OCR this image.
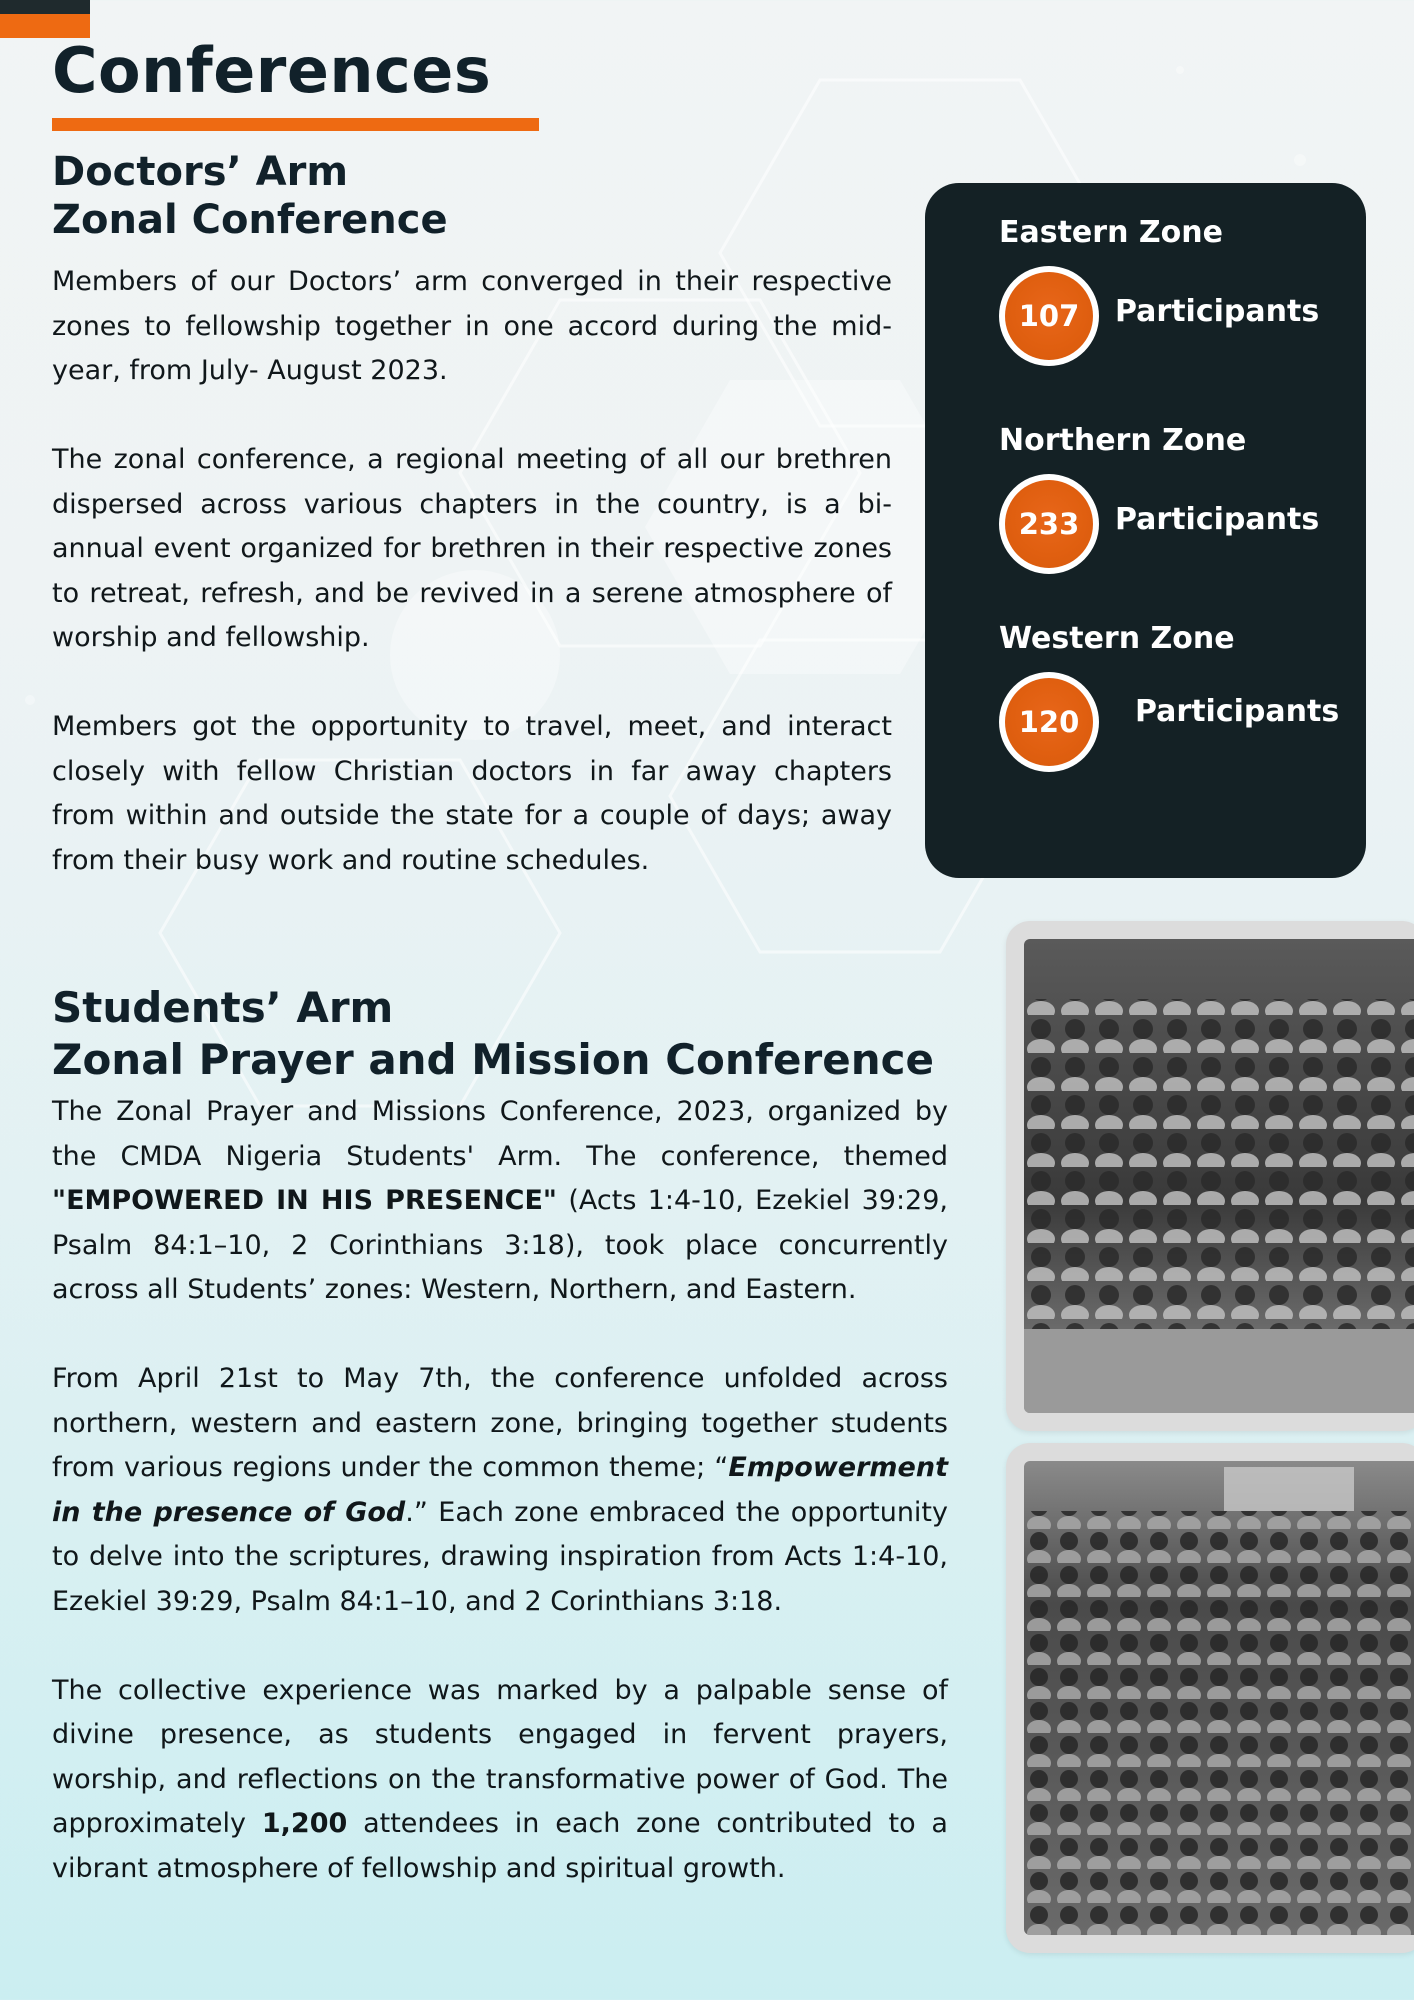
Conferences
Doctors’ Arm
Zonal Conference

Members of our Doctors’ arm converged in their respective zones to fellowship together in one accord during the mid-year, from July- August 2023.

The zonal conference, a regional meeting of all our brethren dispersed across various chapters in the country, is a bi-annual event organized for brethren in their respective zones to retreat, refresh, and be revived in a serene atmosphere of worship and fellowship.

Members got the opportunity to travel, meet, and interact closely with fellow Christian doctors in far away chapters from within and outside the state for a couple of days; away from their busy work and routine schedules.

Eastern Zone
107	Participants
Northern Zone
233	Participants
Western Zone
120	Participants
Students’ Arm
Zonal Prayer and Mission Conference

The Zonal Prayer and Missions Conference, 2023, organized by the CMDA Nigeria Students' Arm. The conference, themed "EMPOWERED IN HIS PRESENCE" (Acts 1:4-10, Ezekiel 39:29, Psalm 84:1–10, 2 Corinthians 3:18), took place concurrently across all Students’ zones: Western, Northern, and Eastern.

From April 21st to May 7th, the conference unfolded across northern, western and eastern zone, bringing together students from various regions under the common theme; “Empowerment in the presence of God.” Each zone embraced the opportunity to delve into the scriptures, drawing inspiration from Acts 1:4-10, Ezekiel 39:29, Psalm 84:1–10, and 2 Corinthians 3:18.

The collective experience was marked by a palpable sense of divine presence, as students engaged in fervent prayers, worship, and reflections on the transformative power of God. The approximately 1,200 attendees in each zone contributed to a vibrant atmosphere of fellowship and spiritual growth.
